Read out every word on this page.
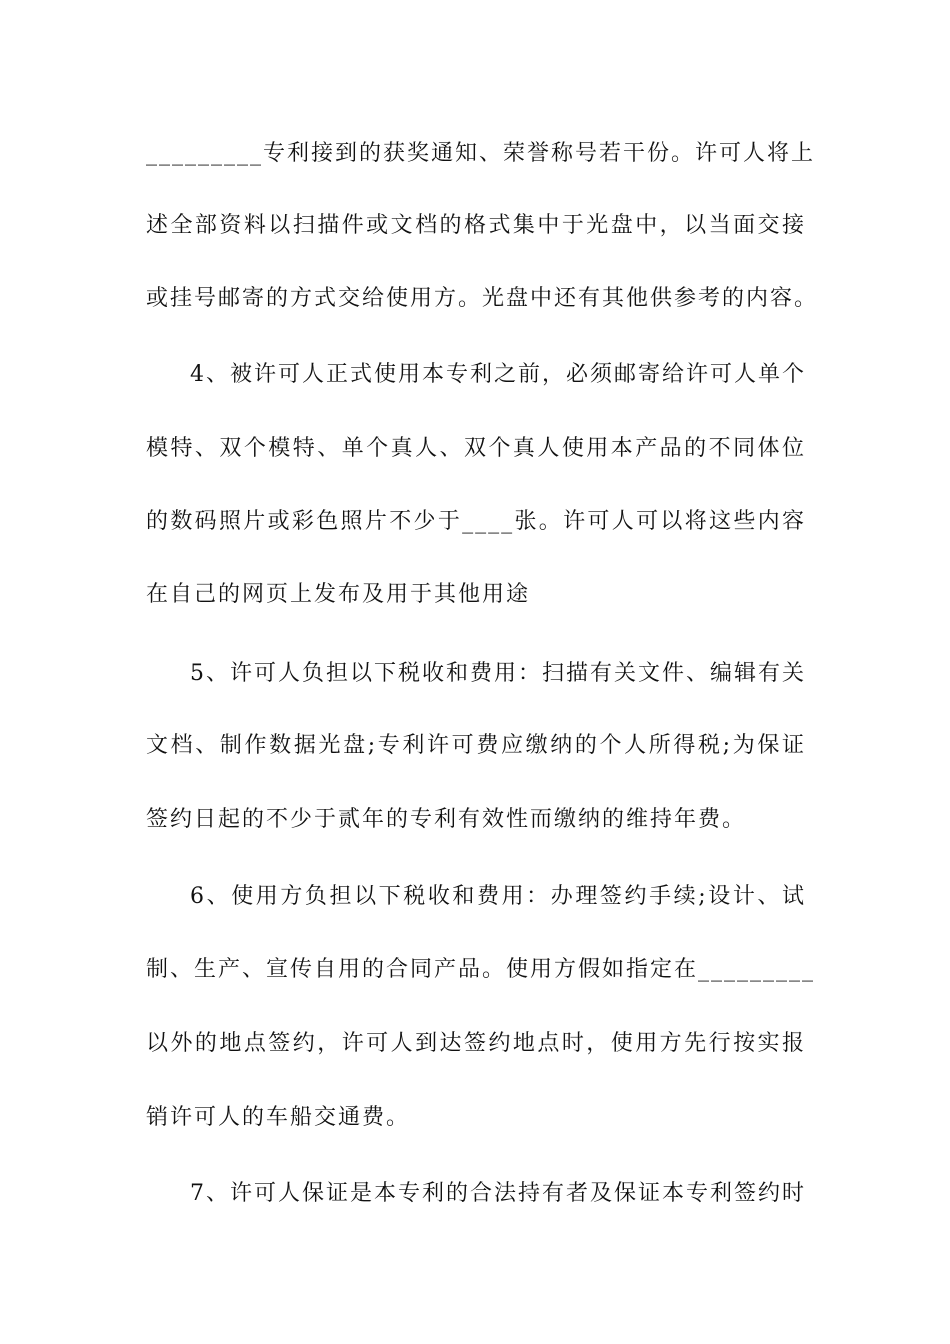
_________专利接到的获奖通知、荣誉称号若干份。许可人将上
述全部资料以扫描件或文档的格式集中于光盘中，以当面交接
或挂号邮寄的方式交给使用方。光盘中还有其他供参考的内容。
4、被许可人正式使用本专利之前，必须邮寄给许可人单个
模特、双个模特、单个真人、双个真人使用本产品的不同体位
的数码照片或彩色照片不少于____张。许可人可以将这些内容
在自己的网页上发布及用于其他用途
5、许可人负担以下税收和费用：扫描有关文件、编辑有关
文档、制作数据光盘;专利许可费应缴纳的个人所得税;为保证
签约日起的不少于贰年的专利有效性而缴纳的维持年费。
6、使用方负担以下税收和费用：办理签约手续;设计、试
制、生产、宣传自用的合同产品。使用方假如指定在_________
以外的地点签约，许可人到达签约地点时，使用方先行按实报
销许可人的车船交通费。
7、许可人保证是本专利的合法持有者及保证本专利签约时
